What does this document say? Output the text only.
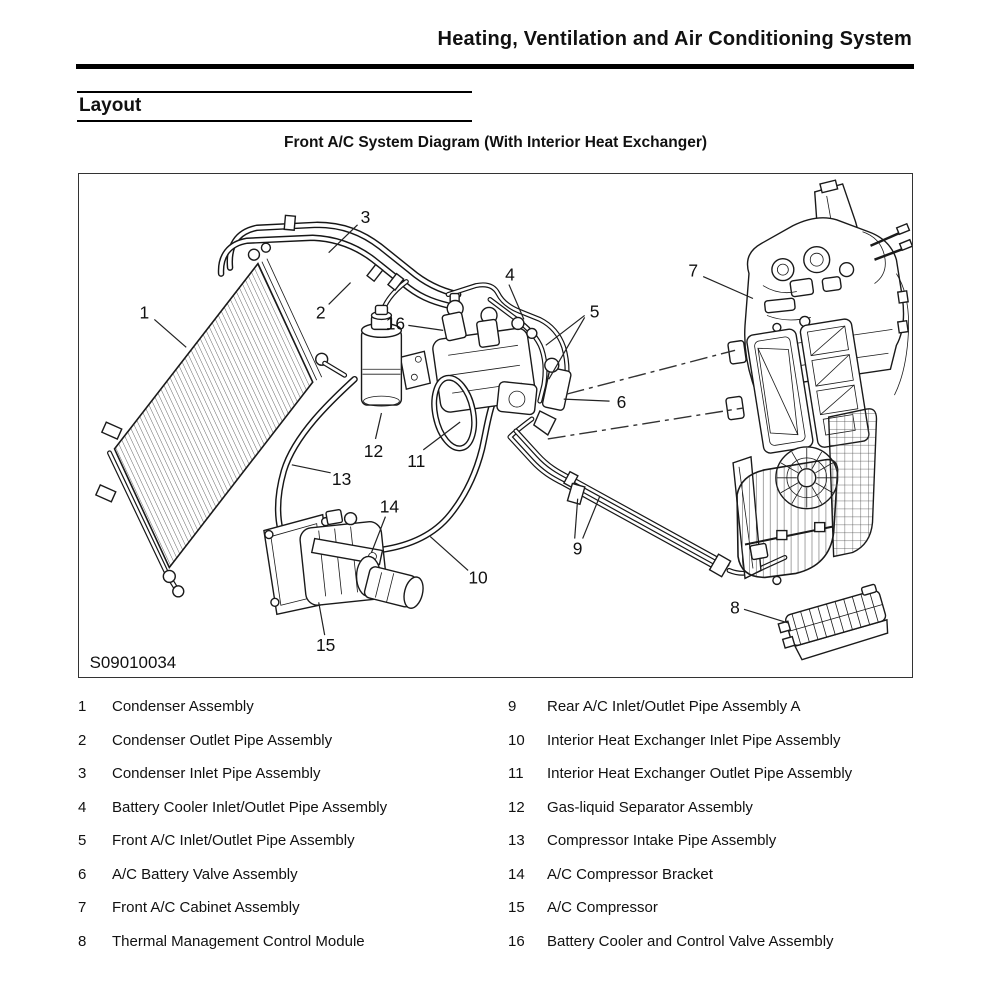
Heating, Ventilation and Air Conditioning System
Layout
Front A/C System Diagram (With Interior Heat Exchanger)
S09010034
1	2
3
4
5
6
7
8
9
10
11
12
13
14
15
16
1	Condenser Assembly
2	Condenser Outlet Pipe Assembly
3	Condenser Inlet Pipe Assembly
4	Battery Cooler Inlet/Outlet Pipe Assembly
5	Front A/C Inlet/Outlet Pipe Assembly
6	A/C Battery Valve Assembly
7	Front A/C Cabinet Assembly
8	Thermal Management Control Module
9	Rear A/C Inlet/Outlet Pipe Assembly A
10	Interior Heat Exchanger Inlet Pipe Assembly
11	Interior Heat Exchanger Outlet Pipe Assembly
12	Gas-liquid Separator Assembly
13	Compressor Intake Pipe Assembly
14	A/C Compressor Bracket
15	A/C Compressor
16	Battery Cooler and Control Valve Assembly
